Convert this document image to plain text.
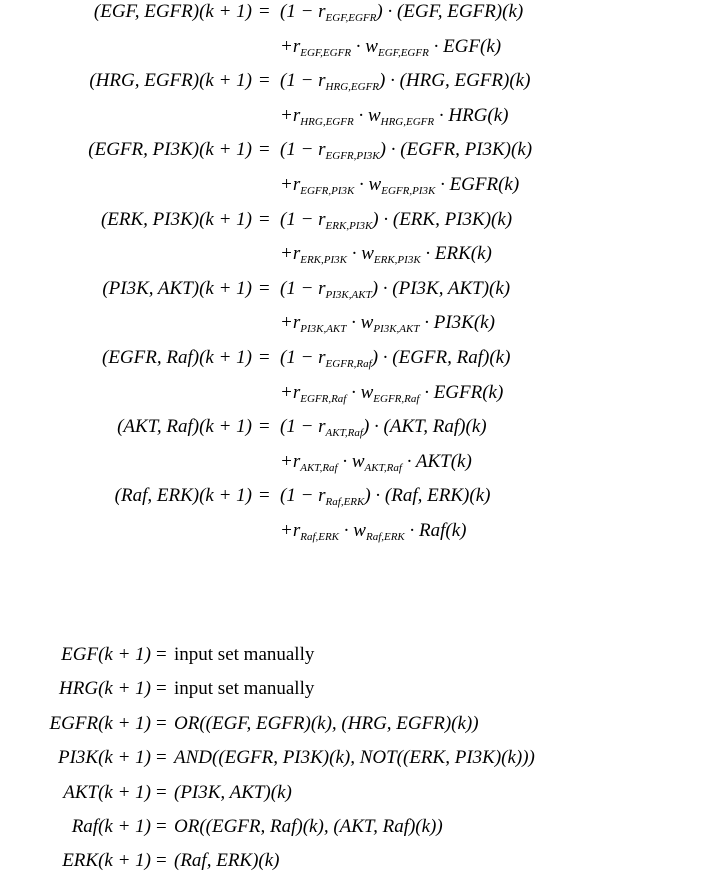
(EGF, EGFR)(k + $1) = (1 - r_{EGF,EGFR}) \cdot (EGF$, EGFR)(k)
$+r_{EGF,EGFR} \cdot w_{EGF,EGFR} \cdot EGF(k)$
(HRG, EGFR)(k + $1) = (1 - r_{HRG,EGFR}) \cdot (HRG$, EGFR)(k)
$+r_{HRG,EGFR} \cdot w_{HRG,EGFR} \cdot HRG(k)$
(EGFR, $PI3K)(k + 1) = (1 - r_{EGFR,PI3K})$ · (EGFR, PI3K)(k)
$+r_{EGFR,PI3K} \cdot w_{EGFR,PI3K}$ · EGFR(k)
(ERK, $PI3K)(k + 1) = (1 - r_{ERK,PI3K}) \cdot (ERK$, PI3K)(k)
$+r_{ERK,PI3K} \cdot w_{ERK,PI3K} \cdot ERK(k)$
(PI3K, $AKT)(k + 1) = (1 - r_{PI3K,AKT}) \cdot (PI3K$, AKT)(k)
$+r_{PI3K,AKT} \cdot w_{PI3K,AKT} \cdot PI3K(k)$
(EGFR, $Raf)(k + 1) = (1 - r_{EGFR,Raf})$ · (EGFR, Raf)(k)
$+r_{EGFR,Raf} \cdot w_{EGFR,Raf}$ · EGFR(k)
(AKT, $Raf)(k + 1) = (1 - r_{AKT,Raf}) \cdot (AKT$, Raf)(k)
$+r_{AKT,Raf} \cdot w_{AKT,Raf} \cdot AKT(k)$
(Raf, $ERK)(k + 1) = (1 - r_{Raf,ERK}) \cdot (Raf$, ERK)(k)
$+r_{Raf,ERK} \cdot w_{Raf,ERK} \cdot Raf(k)$
EGF(k + 1) = input set manually
HRG(k + 1) = input set manually
EGFR(k + 1) = OR((EGF, EGFR)(k), (HRG, EGFR)(k))
PI3K(k + 1) = AND((EGFR, PI3K)(k), NOT((ERK, PI3K)(k)))
AKT(k + 1) = (PI3K, AKT)(k)
Raf(k + 1) = OR((EGFR, Raf)(k), (AKT, Raf)(k))
ERK(k + 1) = (Raf, ERK)(k)
